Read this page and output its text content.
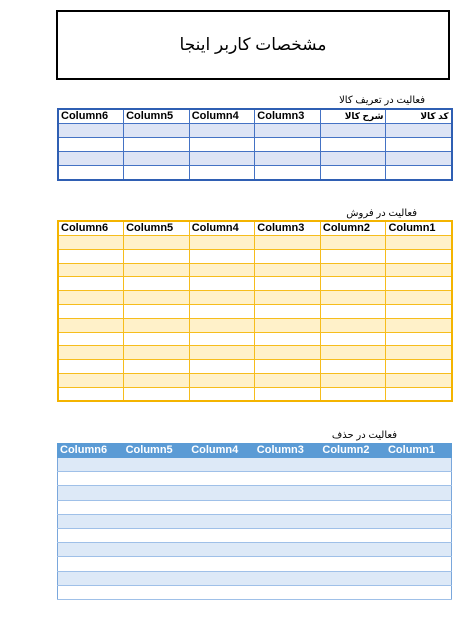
مشخصات کاربر اینجا
فعالیت در تعریف کالا
Column6	Column5	Column4	Column3	شرح کالا	کد کالا

فعالیت در فروش
Column6	Column5	Column4	Column3	Column2	Column1

فعالیت در حذف
Column6	Column5	Column4	Column3	Column2	Column1
